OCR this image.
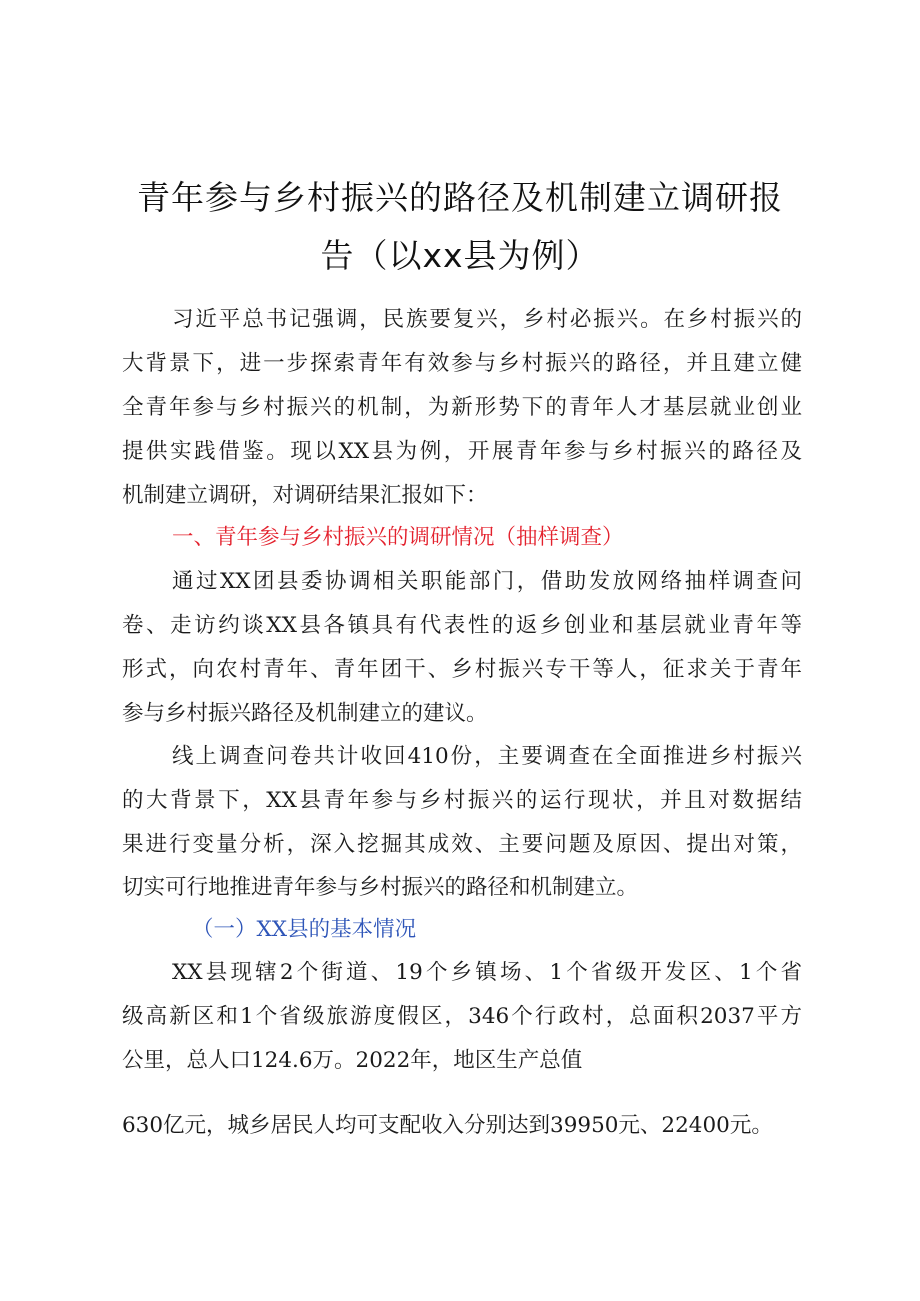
青年参与乡村振兴的路径及机制建立调研报
告（以xx县为例）
习近平总书记强调，民族要复兴，乡村必振兴。在乡村振兴的
大背景下，进一步探索青年有效参与乡村振兴的路径，并且建立健
全青年参与乡村振兴的机制，为新形势下的青年人才基层就业创业
提供实践借鉴。现以XX县为例，开展青年参与乡村振兴的路径及
机制建立调研，对调研结果汇报如下：
一、青年参与乡村振兴的调研情况（抽样调查）
通过XX团县委协调相关职能部门，借助发放网络抽样调查问
卷、走访约谈XX县各镇具有代表性的返乡创业和基层就业青年等
形式，向农村青年、青年团干、乡村振兴专干等人，征求关于青年
参与乡村振兴路径及机制建立的建议。
线上调查问卷共计收回410份，主要调查在全面推进乡村振兴
的大背景下，XX县青年参与乡村振兴的运行现状，并且对数据结
果进行变量分析，深入挖掘其成效、主要问题及原因、提出对策，
切实可行地推进青年参与乡村振兴的路径和机制建立。
（一）XX县的基本情况
XX县现辖2个街道、19个乡镇场、1个省级开发区、1个省
级高新区和1个省级旅游度假区，346个行政村，总面积2037平方
公里，总人口124.6万。2022年，地区生产总值
630亿元，城乡居民人均可支配收入分别达到39950元、22400元。
